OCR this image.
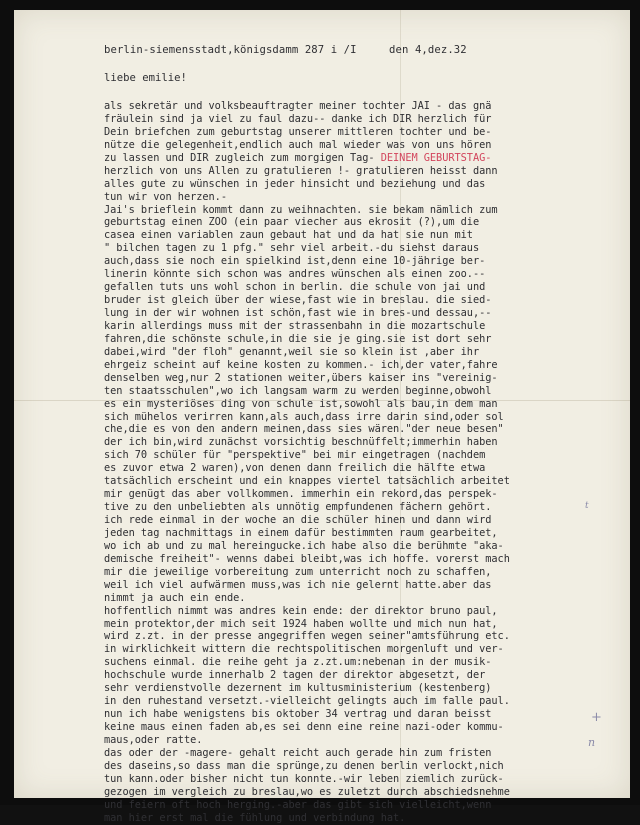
berlin-siemensstadt,königsdamm 287 i /I     den 4,dez.32
liebe emilie!
als sekretär und volksbeauftragter meiner tochter JAI - das gnä
fräulein sind ja viel zu faul dazu-- danke ich DIR herzlich für
Dein briefchen zum geburtstag unserer mittleren tochter und be-
nütze die gelegenheit,endlich auch mal wieder was von uns hören
zu lassen und DIR zugleich zum morgigen Tag- DEINEM GEBURTSTAG-
herzlich von uns Allen zu gratulieren !- gratulieren heisst dann
alles gute zu wünschen in jeder hinsicht und beziehung und das
tun wir von herzen.-
Jai's brieflein kommt dann zu weihnachten. sie bekam nämlich zum
geburtstag einen ZOO (ein paar viecher aus ekrosit (?),um die
casea einen variablen zaun gebaut hat und da hat sie nun mit
" bilchen tagen zu 1 pfg." sehr viel arbeit.-du siehst daraus
auch,dass sie noch ein spielkind ist,denn eine 10-jährige ber-
linerin könnte sich schon was andres wünschen als einen zoo.--
gefallen tuts uns wohl schon in berlin. die schule von jai und
bruder ist gleich über der wiese,fast wie in breslau. die sied-
lung in der wir wohnen ist schön,fast wie in bres-und dessau,--
karin allerdings muss mit der strassenbahn in die mozartschule
fahren,die schönste schule,in die sie je ging.sie ist dort sehr
dabei,wird "der floh" genannt,weil sie so klein ist ,aber ihr
ehrgeiz scheint auf keine kosten zu kommen.- ich,der vater,fahre
denselben weg,nur 2 stationen weiter,übers kaiser ins "vereinig-
ten staatsschulen",wo ich langsam warm zu werden beginne,obwohl
es ein mysteriöses ding von schule ist,sowohl als bau,in dem man
sich mühelos verirren kann,als auch,dass irre darin sind,oder sol
che,die es von den andern meinen,dass sies wären."der neue besen"
der ich bin,wird zunächst vorsichtig beschnüffelt;immerhin haben
sich 70 schüler für "perspektive" bei mir eingetragen (nachdem
es zuvor etwa 2 waren),von denen dann freilich die hälfte etwa
tatsächlich erscheint und ein knappes viertel tatsächlich arbeitet
mir genügt das aber vollkommen. immerhin ein rekord,das perspek-
tive zu den unbeliebten als unnötig empfundenen fächern gehört.
ich rede einmal in der woche an die schüler hinen und dann wird
jeden tag nachmittags in einem dafür bestimmten raum gearbeitet,
wo ich ab und zu mal hereingucke.ich habe also die berühmte "aka-
demische freiheit"- wenns dabei bleibt,was ich hoffe. vorerst mach
mir die jeweilige vorbereitung zum unterricht noch zu schaffen,
weil ich viel aufwärmen muss,was ich nie gelernt hatte.aber das
nimmt ja auch ein ende.
hoffentlich nimmt was andres kein ende: der direktor bruno paul,
mein protektor,der mich seit 1924 haben wollte und mich nun hat,
wird z.zt. in der presse angegriffen wegen seiner"amtsführung etc.
in wirklichkeit wittern die rechtspolitischen morgenluft und ver-
suchens einmal. die reihe geht ja z.zt.um:nebenan in der musik-
hochschule wurde innerhalb 2 tagen der direktor abgesetzt, der
sehr verdienstvolle dezernent im kultusministerium (kestenberg)
in den ruhestand versetzt.-vielleicht gelingts auch im falle paul.
nun ich habe wenigstens bis oktober 34 vertrag und daran beisst
keine maus einen faden ab,es sei denn eine reine nazi-oder kommu-
maus,oder ratte.
das oder der -magere- gehalt reicht auch gerade hin zum fristen
des daseins,so dass man die sprünge,zu denen berlin verlockt,nich
tun kann.oder bisher nicht tun konnte.-wir leben ziemlich zurück-
gezogen im vergleich zu breslau,wo es zuletzt durch abschiedsnehme
und feiern oft hoch herging.-aber das gibt sich vielleicht,wenn
man hier erst mal die fühlung und verbindung hat.
t
+
n
